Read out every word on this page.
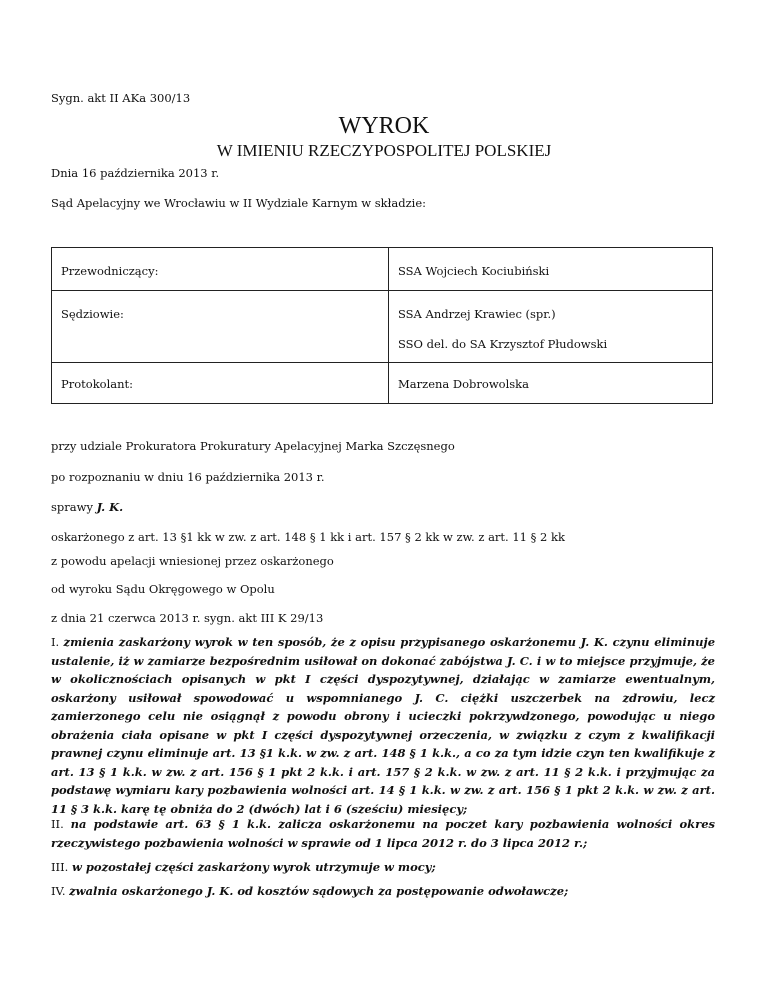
Sygn. akt II AKa 300/13
WYROK
W IMIENIU RZECZYPOSPOLITEJ POLSKIEJ
Dnia 16 października 2013 r.
Sąd Apelacyjny we Wrocławiu w II Wydziale Karnym w składzie:
Przewodniczący:	SSA Wojciech Kociubiński
Sędziowie:	SSA Andrzej Krawiec (spr.)
SSO del. do SA Krzysztof Płudowski

Protokolant:	Marzena Dobrowolska
przy udziale Prokuratora Prokuratury Apelacyjnej Marka Szczęsnego
po rozpoznaniu w dniu 16 października 2013 r.
sprawy J. K.
oskarżonego z art. 13 §1 kk w zw. z art. 148 § 1 kk i art. 157 § 2 kk w zw. z art. 11 § 2 kk
z powodu apelacji wniesionej przez oskarżonego
od wyroku Sądu Okręgowego w Opolu
z dnia 21 czerwca 2013 r. sygn. akt III K 29/13
I. zmienia zaskarżony wyrok w ten sposób, że z opisu przypisanego oskarżonemu J. K. czynu eliminuje ustalenie, iż w zamiarze bezpośrednim usiłował on dokonać zabójstwa J. C. i w to miejsce przyjmuje, że w okolicznościach opisanych w pkt I części dyspozytywnej, działając w zamiarze ewentualnym, oskarżony usiłował spowodować u wspomnianego J. C. ciężki uszczerbek na zdrowiu, lecz zamierzonego celu nie osiągnął z powodu obrony i ucieczki pokrzywdzonego, powodując u niego obrażenia ciała opisane w pkt I części dyspozytywnej orzeczenia, w związku z czym z kwalifikacji prawnej czynu eliminuje art. 13 §1 k.k. w zw. z art. 148 § 1 k.k., a co za tym idzie czyn ten kwalifikuje z art. 13 § 1 k.k. w zw. z art. 156 § 1 pkt 2 k.k. i art. 157 § 2 k.k. w zw. z art. 11 § 2 k.k. i przyjmując za podstawę wymiaru kary pozbawienia wolności art. 14 § 1 k.k. w zw. z art. 156 § 1 pkt 2 k.k. w zw. z art. 11 § 3 k.k. karę tę obniża do 2 (dwóch) lat i 6 (sześciu) miesięcy;
II. na podstawie art. 63 § 1 k.k. zalicza oskarżonemu na poczet kary pozbawienia wolności okres rzeczywistego pozbawienia wolności w sprawie od 1 lipca 2012 r. do 3 lipca 2012 r.;
III. w pozostałej części zaskarżony wyrok utrzymuje w mocy;
IV. zwalnia oskarżonego J. K. od kosztów sądowych za postępowanie odwoławcze;
